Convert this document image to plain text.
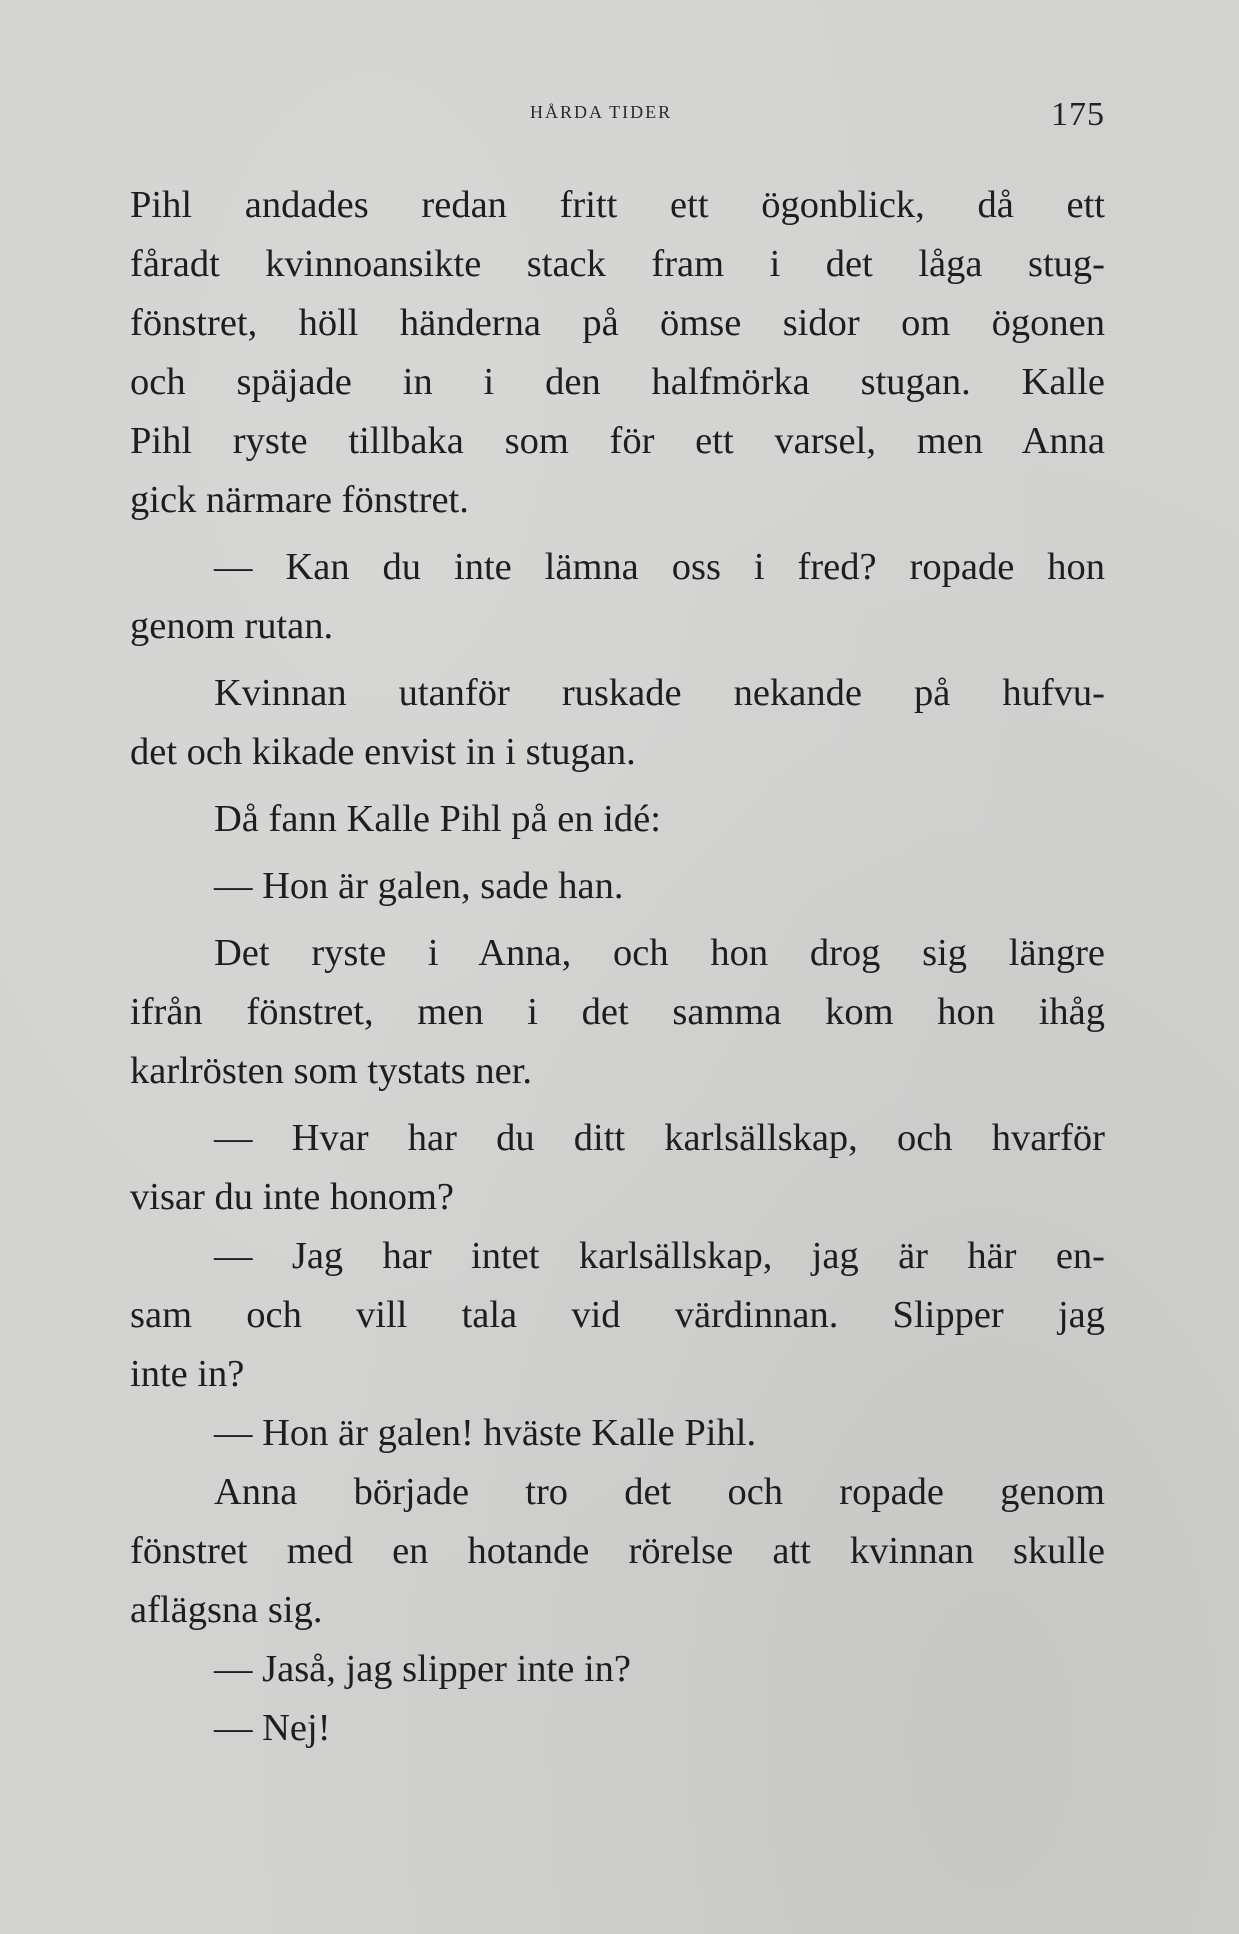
HÅRDA TIDER	175
Pihl andades redan fritt ett ögonblick, då ett
fåradt kvinnoansikte stack fram i det låga stug-
fönstret, höll händerna på ömse sidor om ögonen
och späjade in i den halfmörka stugan. Kalle
Pihl ryste tillbaka som för ett varsel, men Anna
gick närmare fönstret.
— Kan du inte lämna oss i fred? ropade hon
genom rutan.
Kvinnan utanför ruskade nekande på hufvu-
det och kikade envist in i stugan.
Då fann Kalle Pihl på en idé:
— Hon är galen, sade han.
Det ryste i Anna, och hon drog sig längre
ifrån fönstret, men i det samma kom hon ihåg
karlrösten som tystats ner.
— Hvar har du ditt karlsällskap, och hvarför
visar du inte honom?
— Jag har intet karlsällskap, jag är här en-
sam och vill tala vid värdinnan. Slipper jag
inte in?
— Hon är galen! hväste Kalle Pihl.
Anna började tro det och ropade genom
fönstret med en hotande rörelse att kvinnan skulle
aflägsna sig.
— Jaså, jag slipper inte in?
— Nej!
